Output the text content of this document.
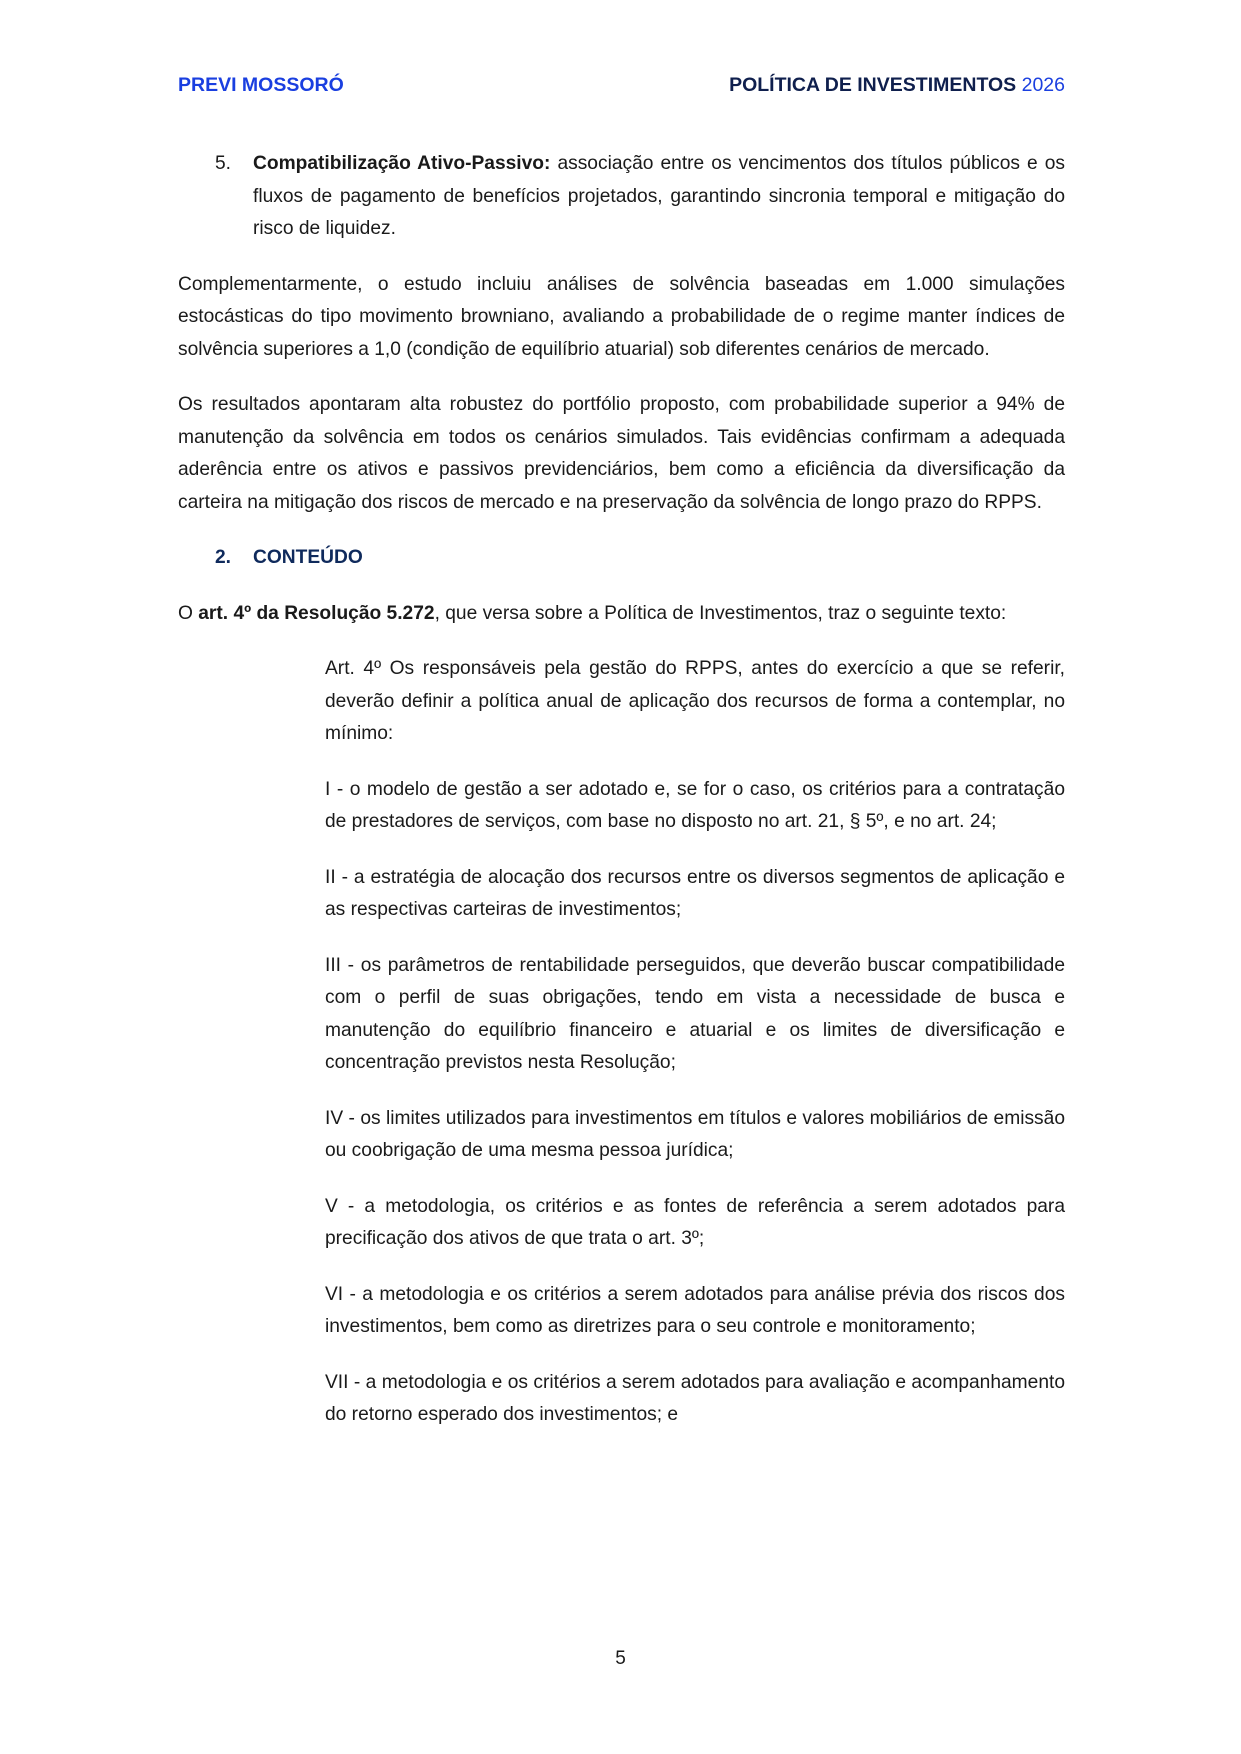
PREVI MOSSORÓ	POLÍTICA DE INVESTIMENTOS 2026
5. Compatibilização Ativo-Passivo: associação entre os vencimentos dos títulos públicos e os fluxos de pagamento de benefícios projetados, garantindo sincronia temporal e mitigação do risco de liquidez.

Complementarmente, o estudo incluiu análises de solvência baseadas em 1.000 simulações estocásticas do tipo movimento browniano, avaliando a probabilidade de o regime manter índices de solvência superiores a 1,0 (condição de equilíbrio atuarial) sob diferentes cenários de mercado.

Os resultados apontaram alta robustez do portfólio proposto, com probabilidade superior a 94% de manutenção da solvência em todos os cenários simulados. Tais evidências confirmam a adequada aderência entre os ativos e passivos previdenciários, bem como a eficiência da diversificação da carteira na mitigação dos riscos de mercado e na preservação da solvência de longo prazo do RPPS.

2. CONTEÚDO

O art. 4º da Resolução 5.272, que versa sobre a Política de Investimentos, traz o seguinte texto:

Art. 4º Os responsáveis pela gestão do RPPS, antes do exercício a que se referir, deverão definir a política anual de aplicação dos recursos de forma a contemplar, no mínimo:

I - o modelo de gestão a ser adotado e, se for o caso, os critérios para a contratação de prestadores de serviços, com base no disposto no art. 21, § 5º, e no art. 24;

II - a estratégia de alocação dos recursos entre os diversos segmentos de aplicação e as respectivas carteiras de investimentos;

III - os parâmetros de rentabilidade perseguidos, que deverão buscar compatibilidade com o perfil de suas obrigações, tendo em vista a necessidade de busca e manutenção do equilíbrio financeiro e atuarial e os limites de diversificação e concentração previstos nesta Resolução;

IV - os limites utilizados para investimentos em títulos e valores mobiliários de emissão ou coobrigação de uma mesma pessoa jurídica;

V - a metodologia, os critérios e as fontes de referência a serem adotados para precificação dos ativos de que trata o art. 3º;

VI - a metodologia e os critérios a serem adotados para análise prévia dos riscos dos investimentos, bem como as diretrizes para o seu controle e monitoramento;

VII - a metodologia e os critérios a serem adotados para avaliação e acompanhamento do retorno esperado dos investimentos; e

5
